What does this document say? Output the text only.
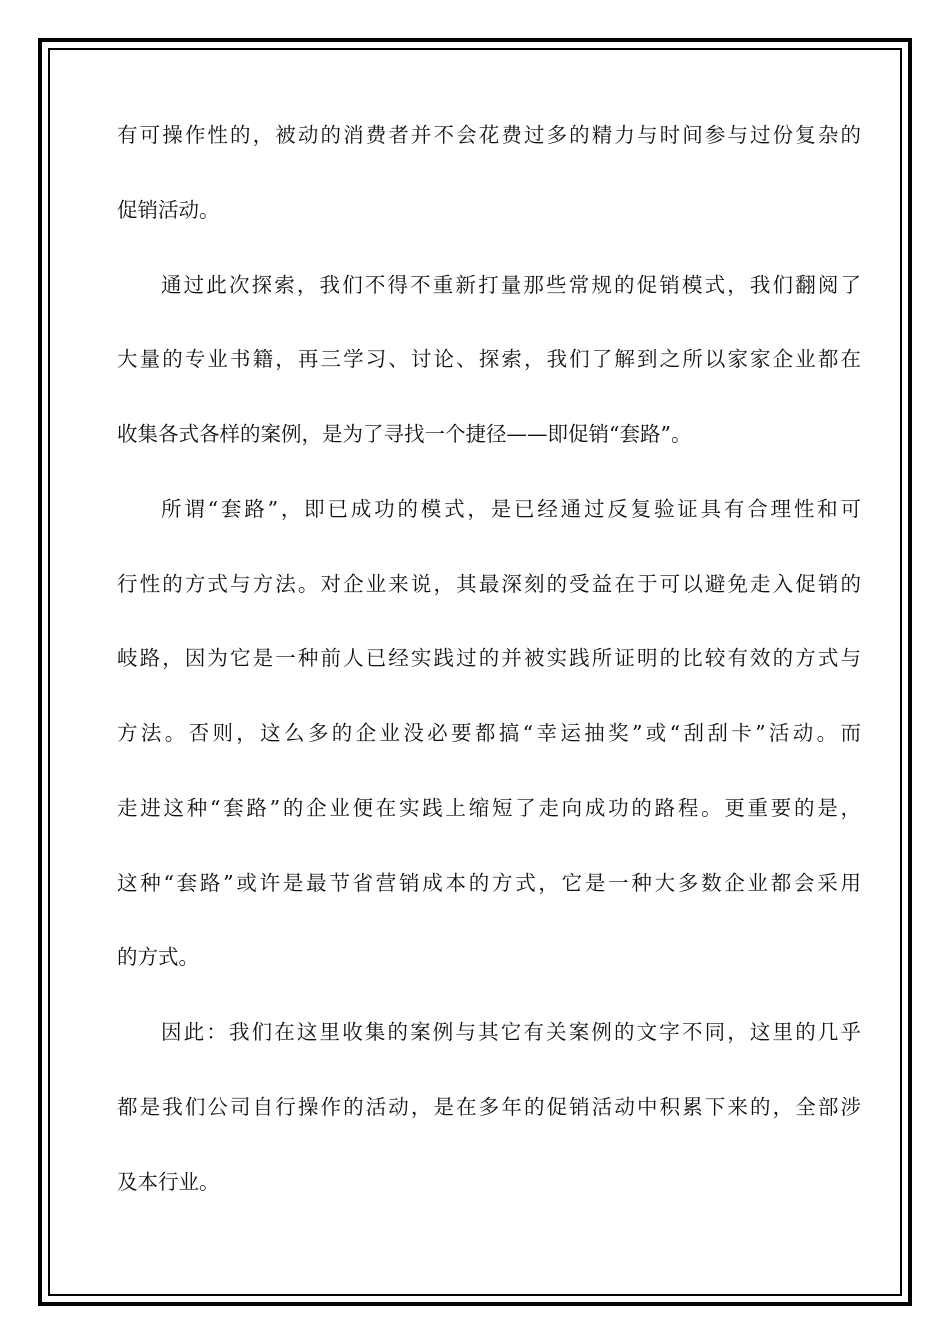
有可操作性的，被动的消费者并不会花费过多的精力与时间参与过份复杂的
促销活动。
通过此次探索，我们不得不重新打量那些常规的促销模式，我们翻阅了
大量的专业书籍，再三学习、讨论、探索，我们了解到之所以家家企业都在
收集各式各样的案例，是为了寻找一个捷径——即促销“套路”。
所谓“套路”，即已成功的模式，是已经通过反复验证具有合理性和可
行性的方式与方法。对企业来说，其最深刻的受益在于可以避免走入促销的
岐路，因为它是一种前人已经实践过的并被实践所证明的比较有效的方式与
方法。否则，这么多的企业没必要都搞“幸运抽奖”或“刮刮卡”活动。而
走进这种“套路”的企业便在实践上缩短了走向成功的路程。更重要的是，
这种“套路”或许是最节省营销成本的方式，它是一种大多数企业都会采用
的方式。
因此：我们在这里收集的案例与其它有关案例的文字不同，这里的几乎
都是我们公司自行操作的活动，是在多年的促销活动中积累下来的，全部涉
及本行业。
